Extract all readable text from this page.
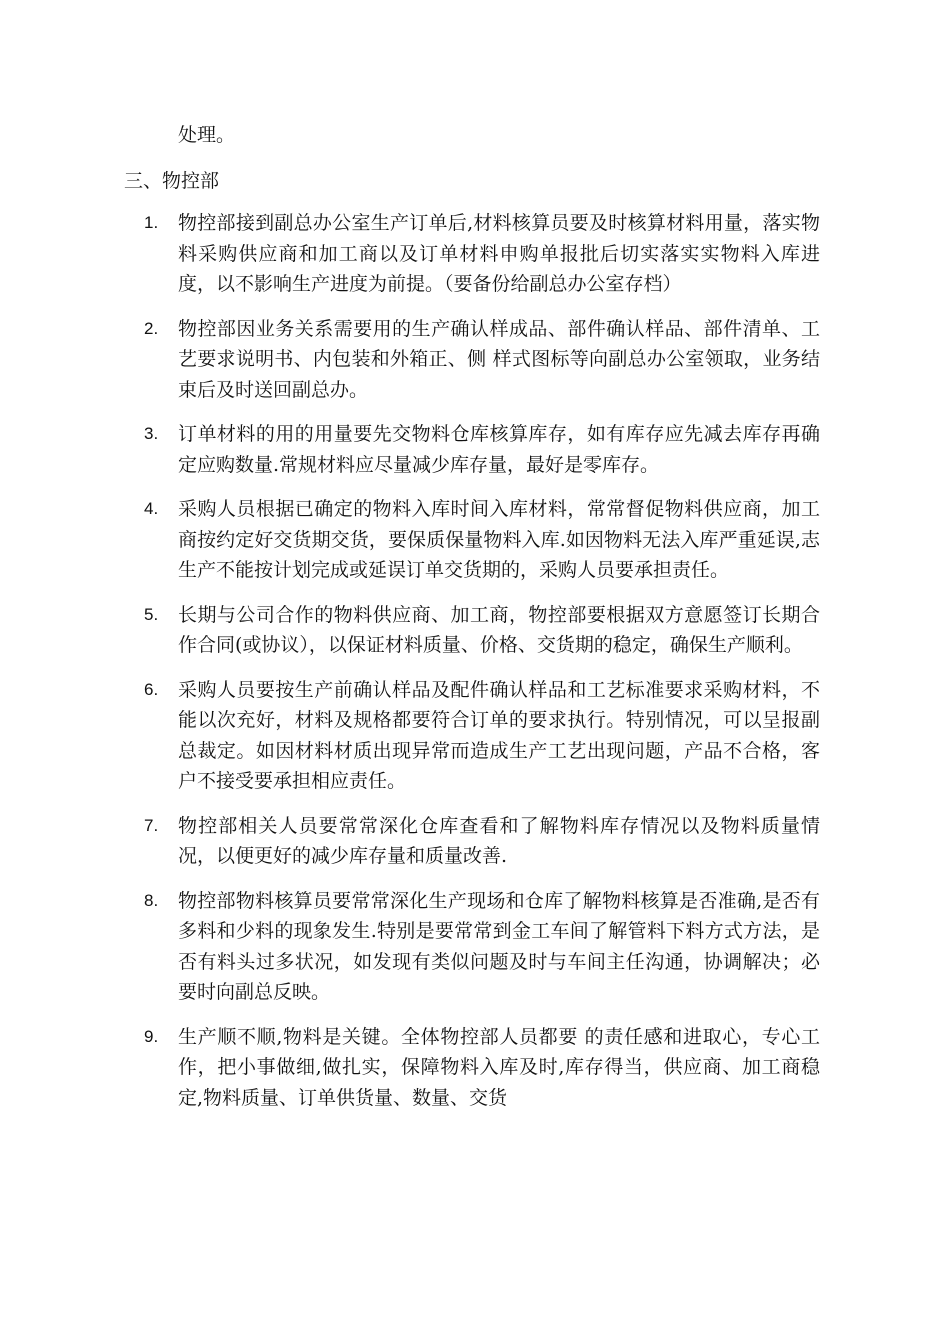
处理。
三、物控部
1. 物控部接到副总办公室生产订单后,材料核算员要及时核算材料用量，落实物料采购供应商和加工商以及订单材料申购单报批后切实落实实物料入库进度，以不影响生产进度为前提。（要备份给副总办公室存档）
2. 物控部因业务关系需要用的生产确认样成品、部件确认样品、部件清单、工艺要求说明书、内包装和外箱正、侧 样式图标等向副总办公室领取，业务结束后及时送回副总办。
3. 订单材料的用的用量要先交物料仓库核算库存，如有库存应先减去库存再确定应购数量.常规材料应尽量减少库存量，最好是零库存。
4. 采购人员根据已确定的物料入库时间入库材料，常常督促物料供应商，加工商按约定好交货期交货，要保质保量物料入库.如因物料无法入库严重延误,志生产不能按计划完成或延误订单交货期的，采购人员要承担责任。
5. 长期与公司合作的物料供应商、加工商，物控部要根据双方意愿签订长期合作合同(或协议），以保证材料质量、价格、交货期的稳定，确保生产顺利。
6. 采购人员要按生产前确认样品及配件确认样品和工艺标准要求采购材料，不能以次充好，材料及规格都要符合订单的要求执行。特别情况，可以呈报副总裁定。如因材料材质出现异常而造成生产工艺出现问题，产品不合格，客户不接受要承担相应责任。
7. 物控部相关人员要常常深化仓库查看和了解物料库存情况以及物料质量情况，以便更好的减少库存量和质量改善.
8. 物控部物料核算员要常常深化生产现场和仓库了解物料核算是否准确,是否有多料和少料的现象发生.特别是要常常到金工车间了解管料下料方式方法，是否有料头过多状况，如发现有类似问题及时与车间主任沟通，协调解决；必要时向副总反映。
9. 生产顺不顺,物料是关键。全体物控部人员都要 的责任感和进取心，专心工作，把小事做细,做扎实，保障物料入库及时,库存得当，供应商、加工商稳定,物料质量、订单供货量、数量、交货
